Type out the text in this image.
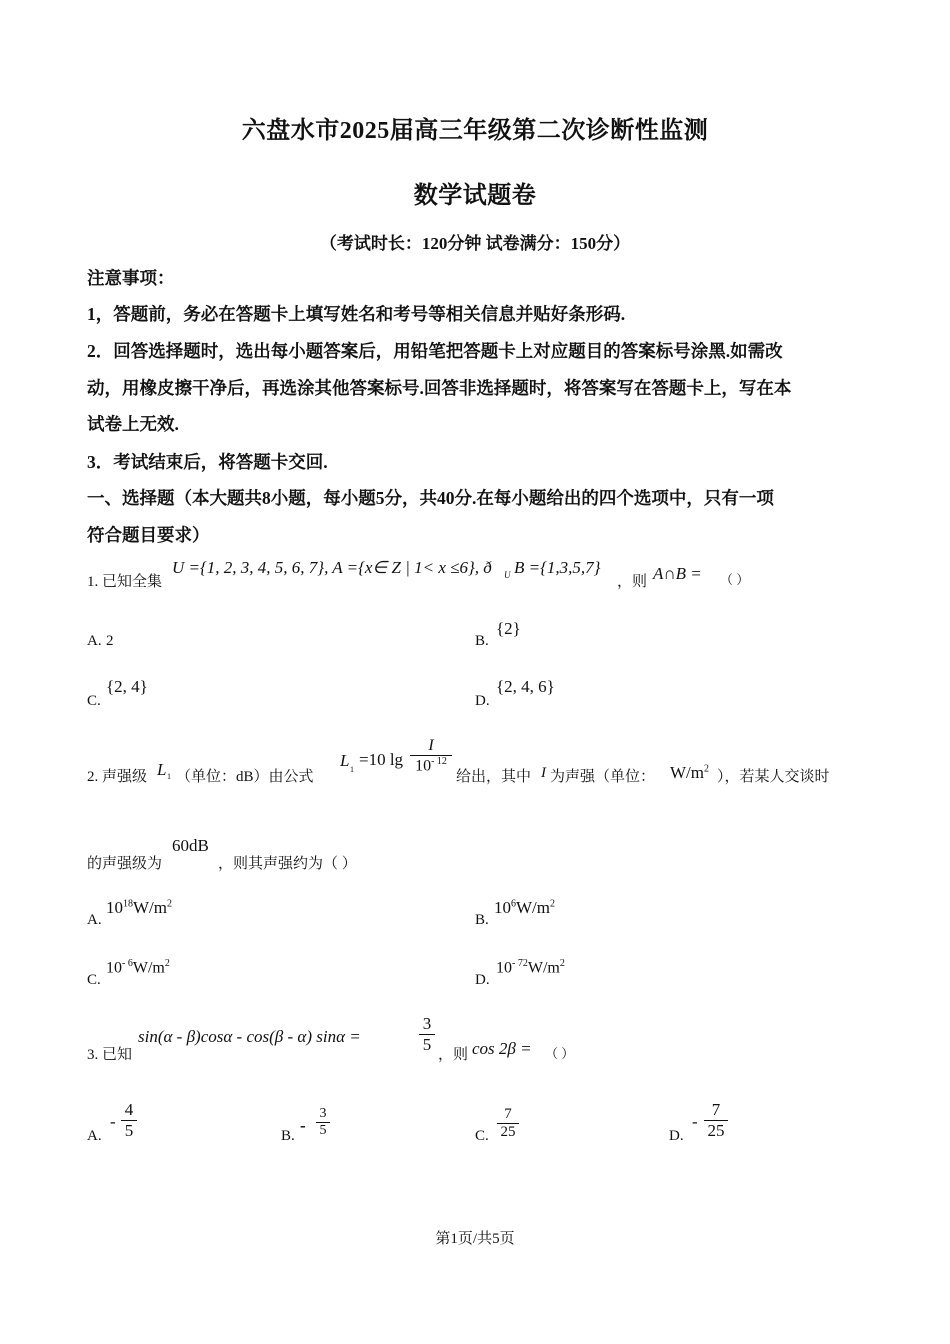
六盘水市2025届高三年级第二次诊断性监测
数学试题卷
（考试时长：120分钟 试卷满分：150分）
注意事项：
1，答题前，务必在答题卡上填写姓名和考号等相关信息并贴好条形码.
2．回答选择题时，选出每小题答案后，用铅笔把答题卡上对应题目的答案标号涂黑.如需改
动，用橡皮擦干净后，再选涂其他答案标号.回答非选择题时，将答案写在答题卡上，写在本
试卷上无效.
3．考试结束后，将答题卡交回.
一、选择题（本大题共8小题，每小题5分，共40分.在每小题给出的四个选项中，只有一项
符合题目要求）
1. 已知全集
U ={1, 2, 3, 4, 5, 6, 7}, A ={x∈ Z | 1< x ≤6}, ð U B ={1,3,5,7}
，则 A∩B = （ ）
A. 2	B.
{2}
C.
{2, 4}
D.
{2, 4, 6}
2. 声强级 L 1 （单位：dB）由公式
L 1
=10 lg
I
$10^{- 12}$
给出，其中 I 为声强（单位： $W/m^2$
），若某人交谈时
的声强级为
60dB
，则其声强约为（ ）
A.
$10^{18}W/m^2$
B.
$10^6W/m^2$
C.
$10^{- 6}W/m^2$
D.
$10^{- 72}W/m^2$
3. 已知
sin(α - β)cosα - cos(β - α) sinα =
3
5
，则 cos 2β = （ ）
A.
-
4
5	B.
-
3
5	C.
7
25	D.
-
7
25
第1页/共5页
